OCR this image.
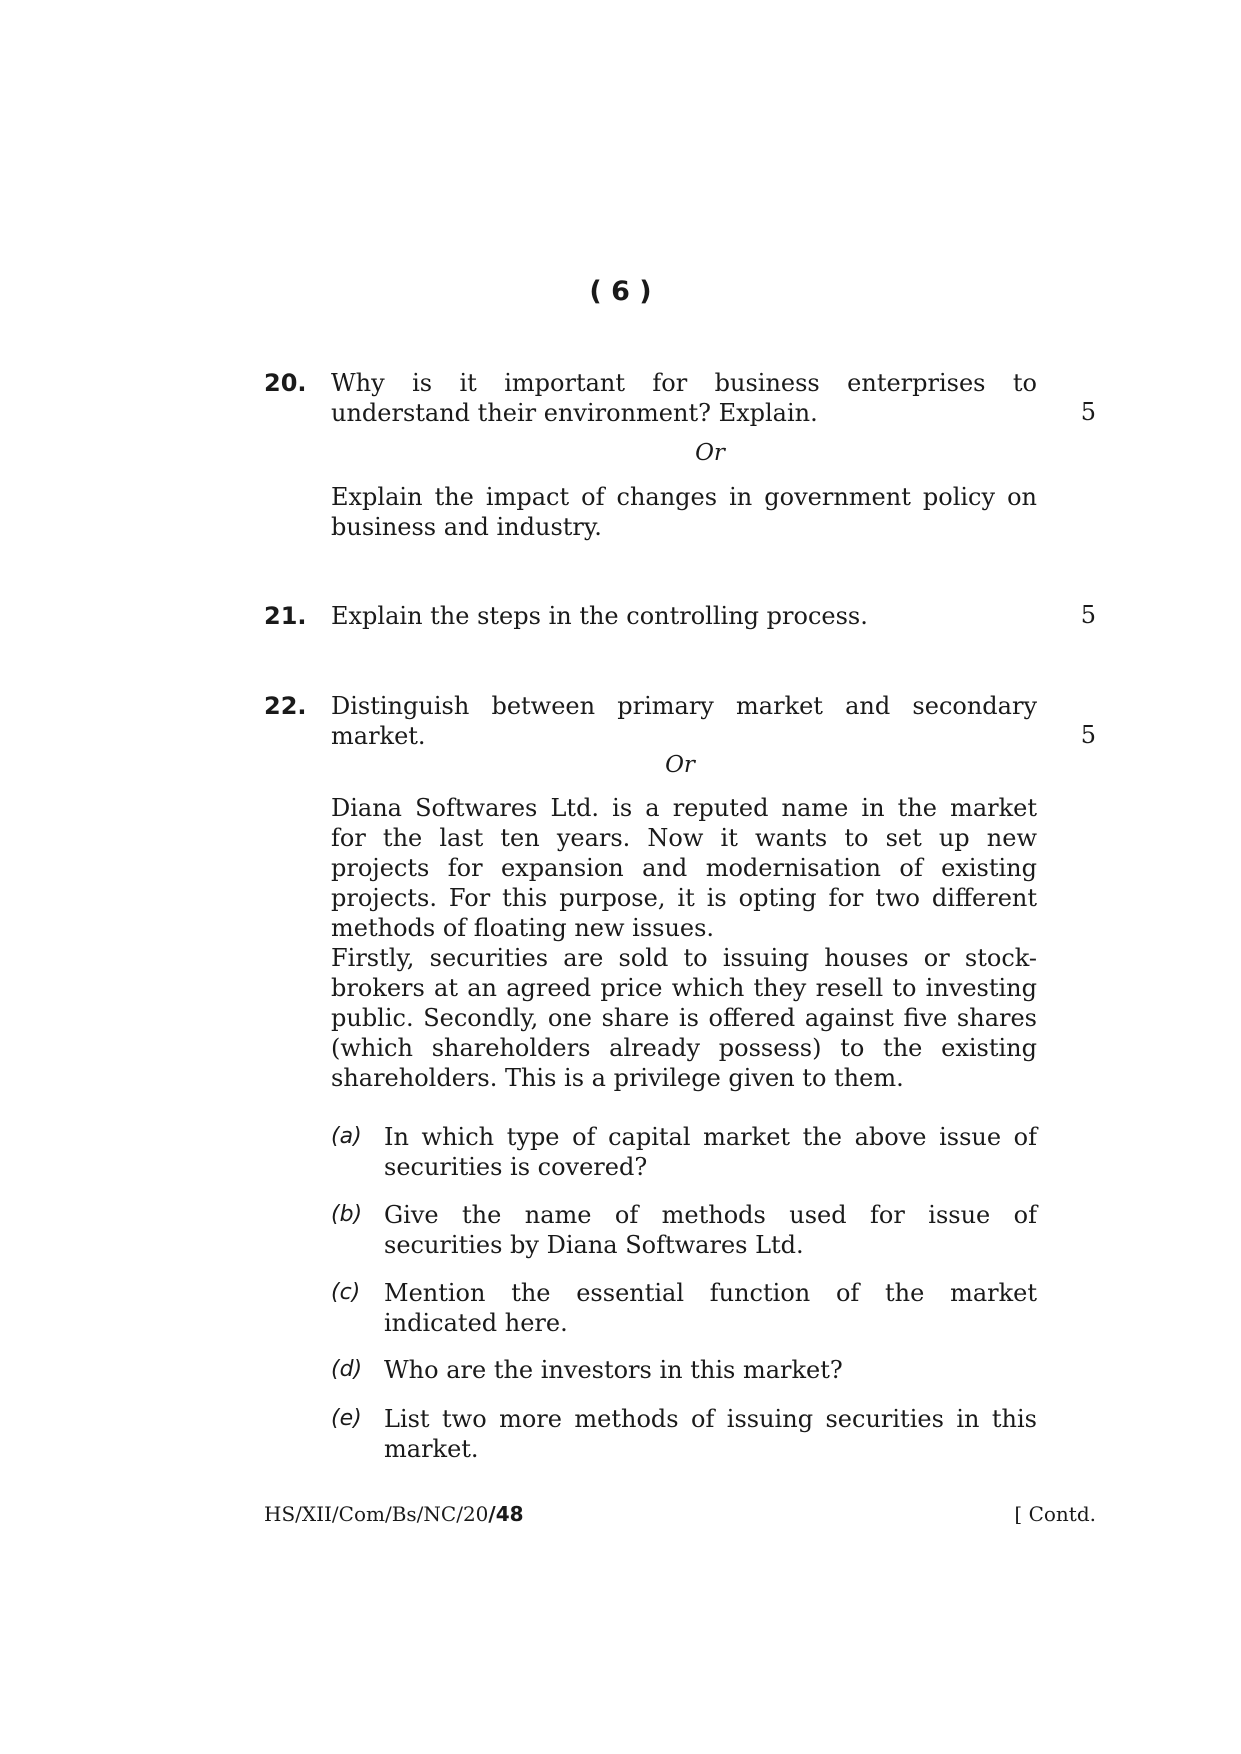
( 6 )
20. Why is it important for business enterprises to
understand their environment? Explain.	5
Or
Explain the impact of changes in government policy on
business and industry.
21. Explain the steps in the controlling process.	5
22. Distinguish between primary market and secondary
market.	5
Or
Diana Softwares Ltd. is a reputed name in the market
for the last ten years. Now it wants to set up new
projects for expansion and modernisation of existing
projects. For this purpose, it is opting for two different
methods of floating new issues.
Firstly, securities are sold to issuing houses or stock-
brokers at an agreed price which they resell to investing
public. Secondly, one share is offered against five shares
(which shareholders already possess) to the existing
shareholders. This is a privilege given to them.
(a) In which type of capital market the above issue of
securities is covered?
(b) Give the name of methods used for issue of
securities by Diana Softwares Ltd.
(c) Mention the essential function of the market
indicated here.
(d) Who are the investors in this market?
(e) List two more methods of issuing securities in this
market.
HS/XII/Com/Bs/NC/20/48	[ Contd.
